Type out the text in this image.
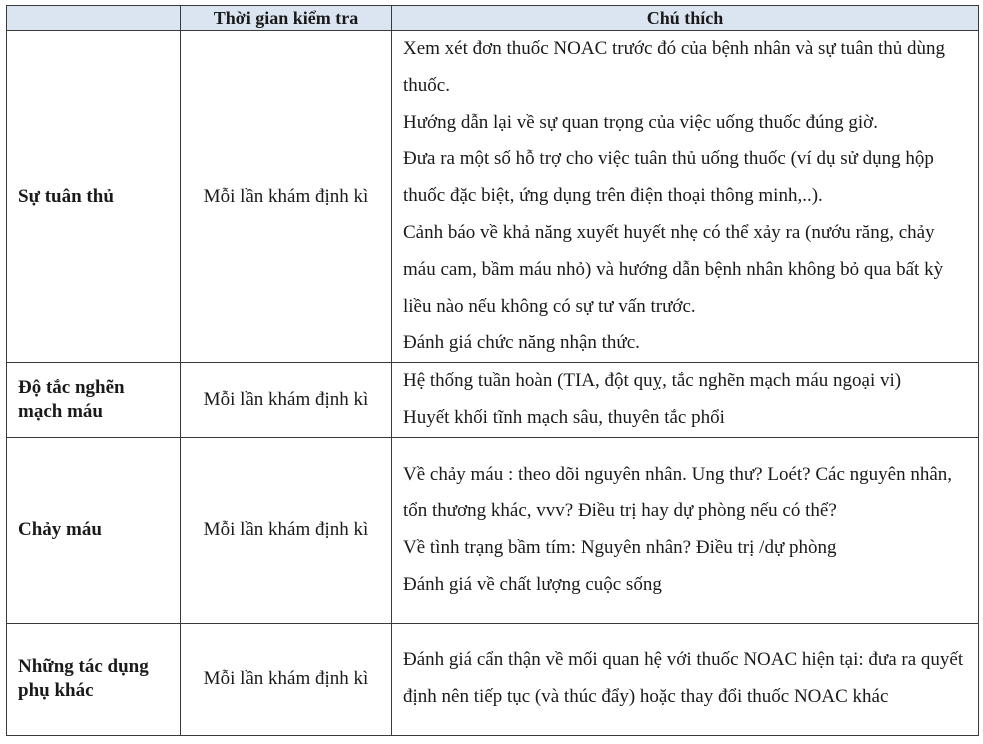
	Thời gian kiểm tra	Chú thích
Sự tuân thủ	Mỗi lần khám định kì	Xem xét đơn thuốc NOAC trước đó của bệnh nhân và sự tuân thủ dùng thuốc.

Hướng dẫn lại về sự quan trọng của việc uống thuốc đúng giờ.

Đưa ra một số hỗ trợ cho việc tuân thủ uống thuốc (ví dụ sử dụng hộp thuốc đặc biệt, ứng dụng trên điện thoại thông minh,..).

Cảnh báo về khả năng xuyết huyết nhẹ có thể xảy ra (nướu răng, chảy máu cam, bầm máu nhỏ) và hướng dẫn bệnh nhân không bỏ qua bất kỳ liều nào nếu không có sự tư vấn trước.

Đánh giá chức năng nhận thức.

Độ tắc nghẽn mạch máu	Mỗi lần khám định kì	Hệ thống tuần hoàn (TIA, đột quỵ, tắc nghẽn mạch máu ngoại vi)

Huyết khối tĩnh mạch sâu, thuyên tắc phổi

Chảy máu	Mỗi lần khám định kì	Về chảy máu : theo dõi nguyên nhân. Ung thư? Loét? Các nguyên nhân, tổn thương khác, vvv? Điều trị hay dự phòng nếu có thể?

Về tình trạng bầm tím: Nguyên nhân? Điều trị /dự phòng

Đánh giá về chất lượng cuộc sống

Những tác dụng phụ khác	Mỗi lần khám định kì	Đánh giá cẩn thận về mối quan hệ với thuốc NOAC hiện tại: đưa ra quyết định nên tiếp tục (và thúc đẩy) hoặc thay đổi thuốc NOAC khác
